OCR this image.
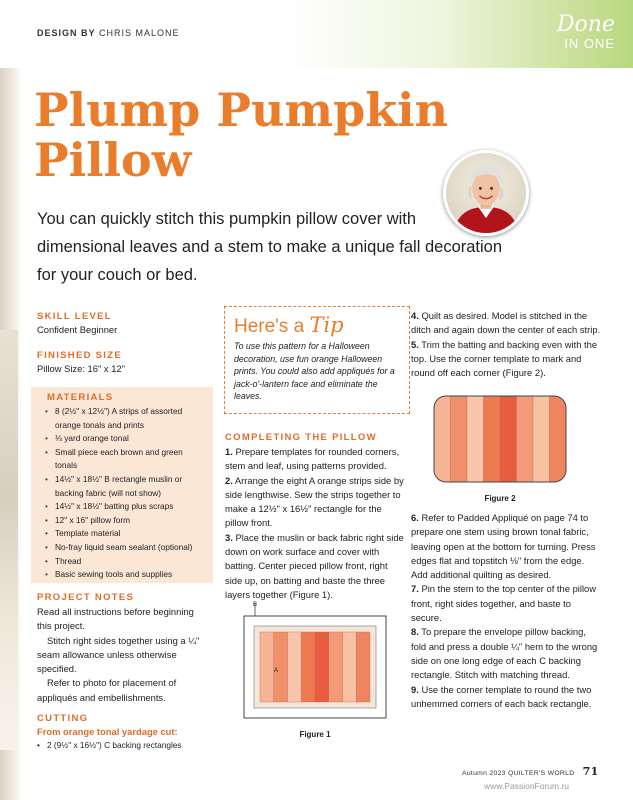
DESIGN BY CHRIS MALONE	Done
IN ONE
Plump Pumpkin
Pillow

You can quickly stitch this pumpkin pillow cover with dimensional leaves and a stem to make a unique fall decoration for your couch or bed.

SKILL LEVEL
Confident Beginner
FINISHED SIZE
Pillow Size: 16" x 12"
MATERIALS
• 8 (2½" x 12½") A strips of assorted orange tonals and prints
• ⅓ yard orange tonal
• Small piece each brown and green tonals
• 14½" x 18½" B rectangle muslin or backing fabric (will not show)
• 14½" x 18½" batting plus scraps
• 12" x 16" pillow form
• Template material
• No-fray liquid seam sealant (optional)
• Thread
• Basic sewing tools and supplies
PROJECT NOTES

Read all instructions before beginning this project.

Stitch right sides together using a ¼" seam allowance unless otherwise specified.

Refer to photo for placement of appliqués and embellishments.

CUTTING
From orange tonal yardage cut:
• 2 (9½" x 16½") C backing rectangles
Here's a Tip

To use this pattern for a Halloween decoration, use fun orange Halloween prints. You could also add appliqués for a jack-o'-lantern face and eliminate the leaves.

COMPLETING THE PILLOW

1. Prepare templates for rounded corners, stem and leaf, using patterns provided.

2. Arrange the eight A orange strips side by side lengthwise. Sew the strips together to make a 12½" x 16½" rectangle for the pillow front.

3. Place the muslin or back fabric right side down on work surface and cover with batting. Center pieced pillow front, right side up, on batting and baste the three layers together (Figure 1).

B
A
Figure 1

4. Quilt as desired. Model is stitched in the ditch and again down the center of each strip.

5. Trim the batting and backing even with the top. Use the corner template to mark and round off each corner (Figure 2).

Figure 2

6. Refer to Padded Appliqué on page 74 to prepare one stem using brown tonal fabric, leaving open at the bottom for turning. Press edges flat and topstitch ⅛" from the edge. Add additional quilting as desired.

7. Pin the stem to the top center of the pillow front, right sides together, and baste to secure.

8. To prepare the envelope pillow backing, fold and press a double ¼" hem to the wrong side on one long edge of each C backing rectangle. Stitch with matching thread.

9. Use the corner template to round the two unhemmed corners of each back rectangle.

Autumn 2023 QUILTER'S WORLD 71
www.PassionForum.ru
